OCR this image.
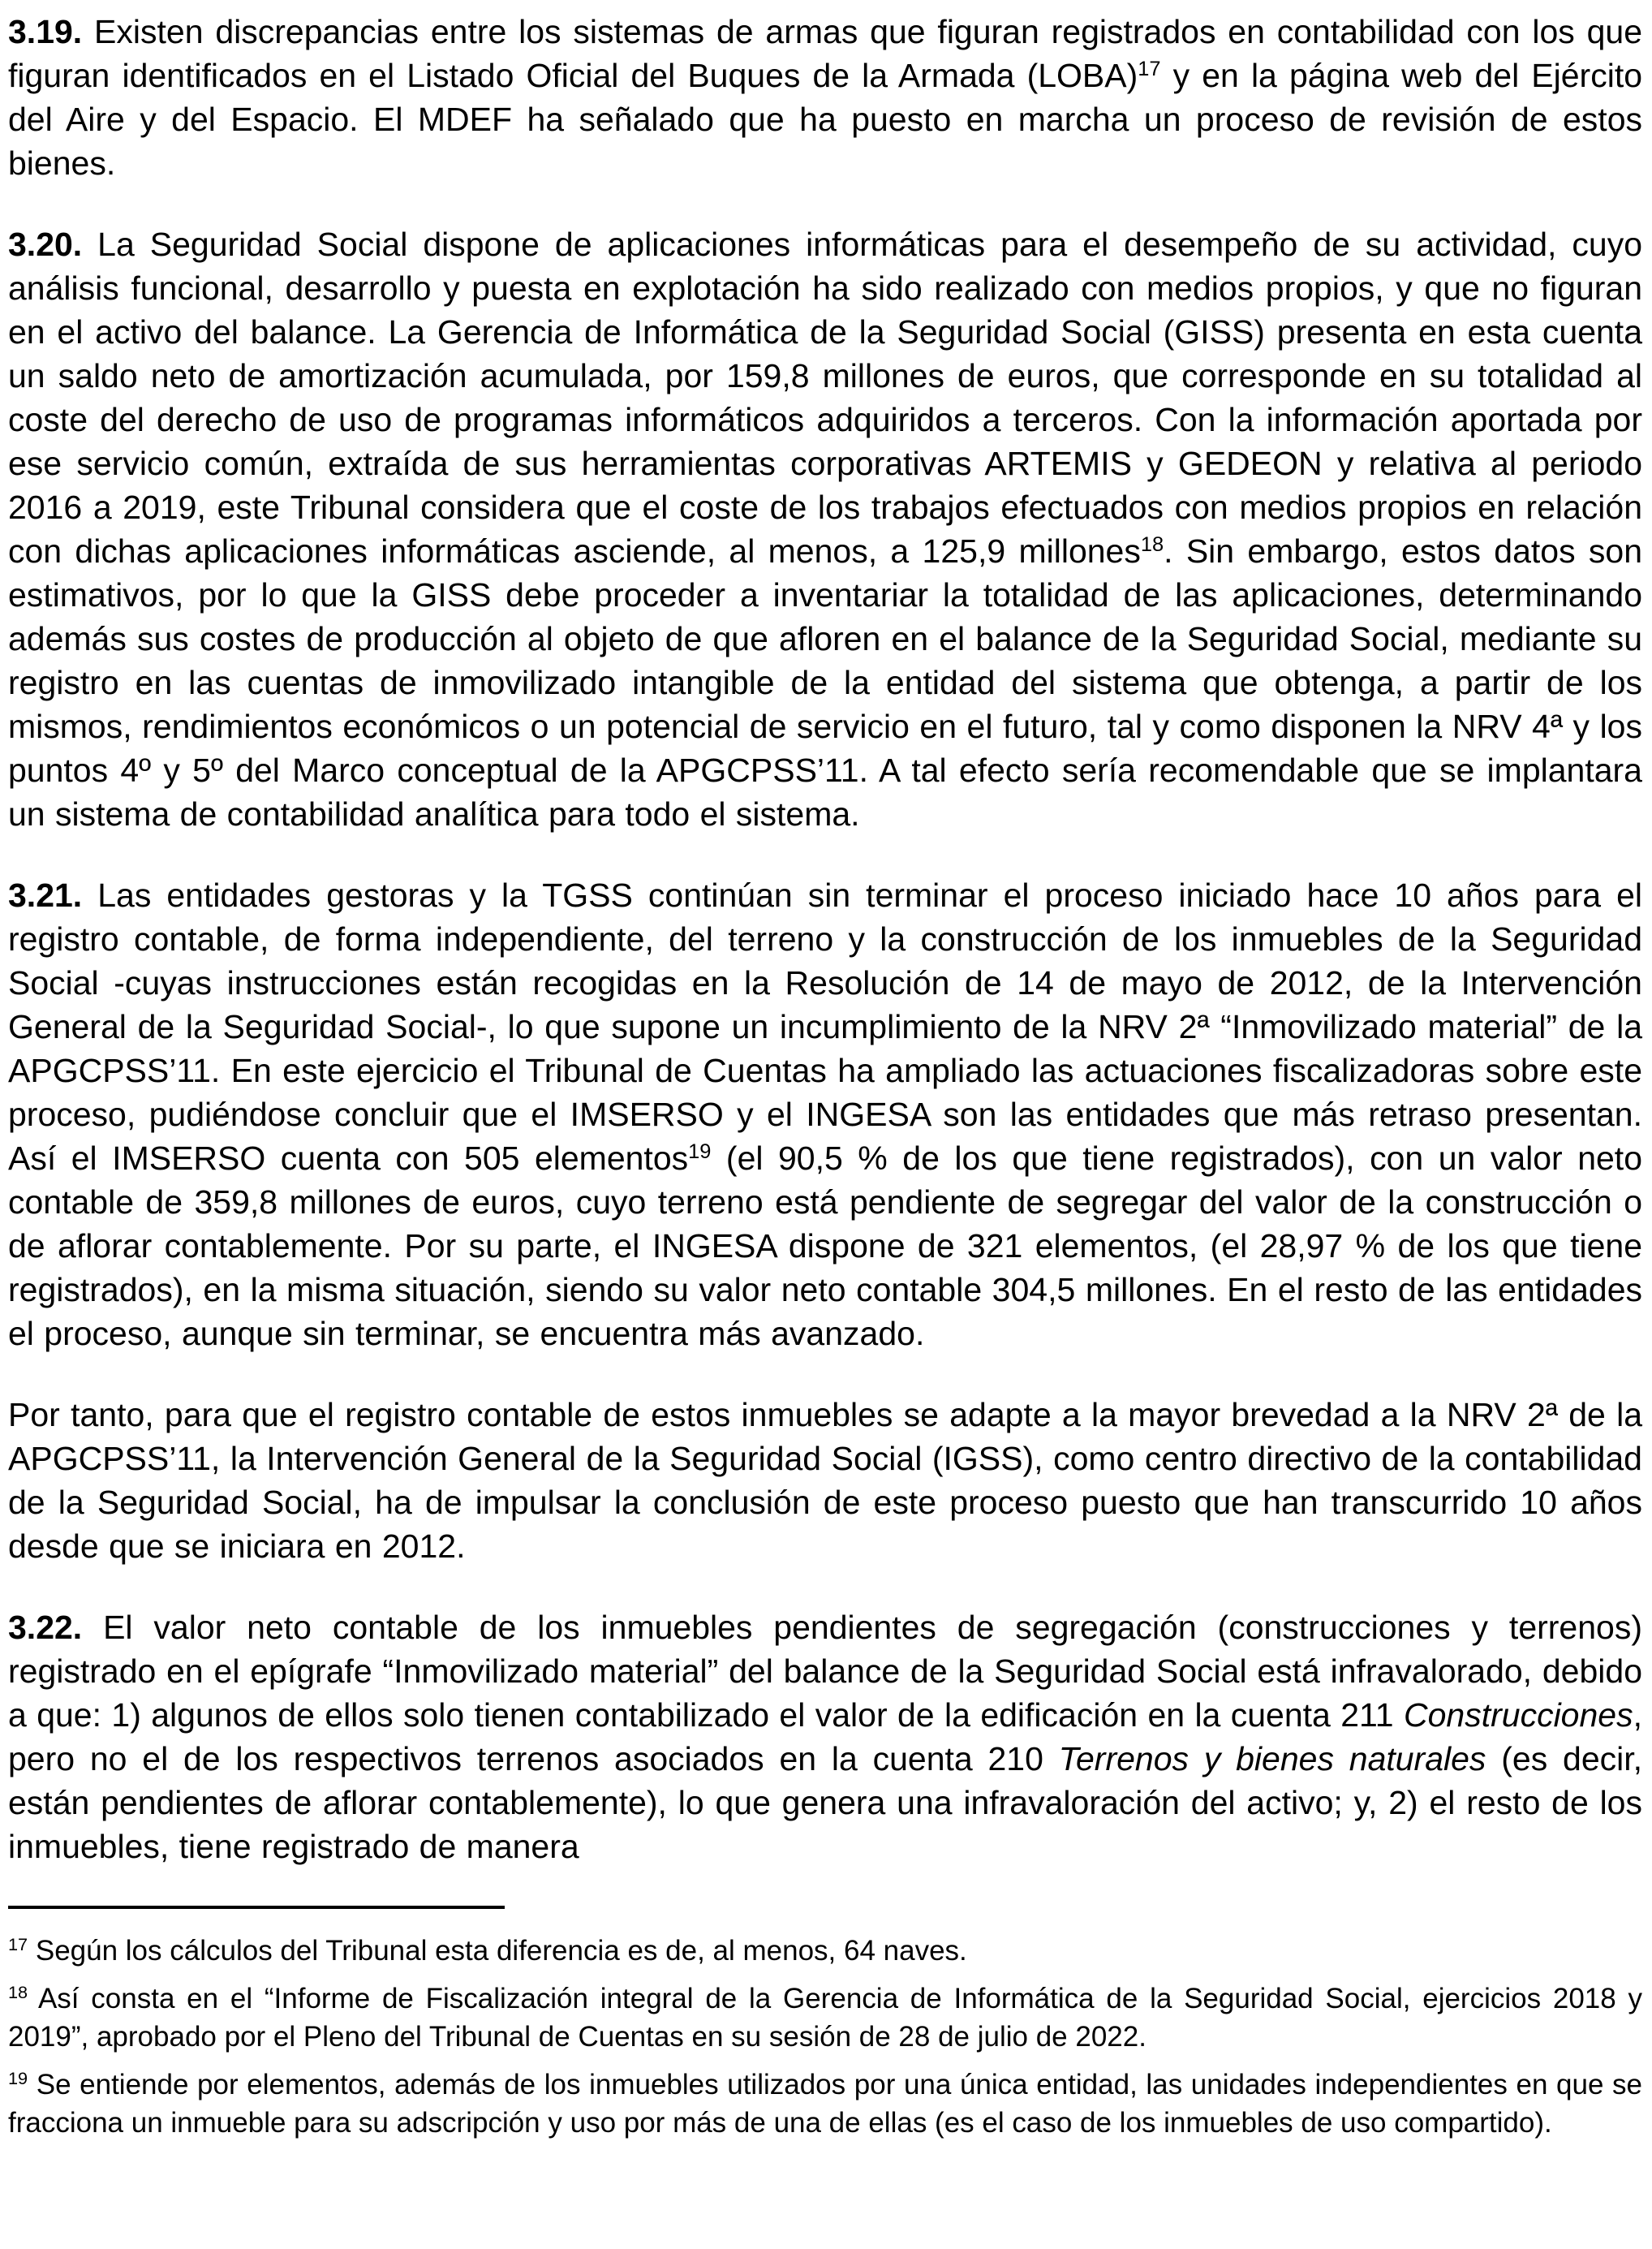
3.19. Existen discrepancias entre los sistemas de armas que figuran registrados en contabilidad con los que figuran identificados en el Listado Oficial del Buques de la Armada (LOBA)$^{17}$ y en la página web del Ejército del Aire y del Espacio. El MDEF ha señalado que ha puesto en marcha un proceso de revisión de estos bienes.

3.20. La Seguridad Social dispone de aplicaciones informáticas para el desempeño de su actividad, cuyo análisis funcional, desarrollo y puesta en explotación ha sido realizado con medios propios, y que no figuran en el activo del balance. La Gerencia de Informática de la Seguridad Social (GISS) presenta en esta cuenta un saldo neto de amortización acumulada, por 159,8 millones de euros, que corresponde en su totalidad al coste del derecho de uso de programas informáticos adquiridos a terceros. Con la información aportada por ese servicio común, extraída de sus herramientas corporativas ARTEMIS y GEDEON y relativa al periodo 2016 a 2019, este Tribunal considera que el coste de los trabajos efectuados con medios propios en relación con dichas aplicaciones informáticas asciende, al menos, a 125,9 millones$^{18}$. Sin embargo, estos datos son estimativos, por lo que la GISS debe proceder a inventariar la totalidad de las aplicaciones, determinando además sus costes de producción al objeto de que afloren en el balance de la Seguridad Social, mediante su registro en las cuentas de inmovilizado intangible de la entidad del sistema que obtenga, a partir de los mismos, rendimientos económicos o un potencial de servicio en el futuro, tal y como disponen la NRV 4ª y los puntos 4º y 5º del Marco conceptual de la APGCPSS’11. A tal efecto sería recomendable que se implantara un sistema de contabilidad analítica para todo el sistema.

3.21. Las entidades gestoras y la TGSS continúan sin terminar el proceso iniciado hace 10 años para el registro contable, de forma independiente, del terreno y la construcción de los inmuebles de la Seguridad Social -cuyas instrucciones están recogidas en la Resolución de 14 de mayo de 2012, de la Intervención General de la Seguridad Social-, lo que supone un incumplimiento de la NRV 2ª “Inmovilizado material” de la APGCPSS’11. En este ejercicio el Tribunal de Cuentas ha ampliado las actuaciones fiscalizadoras sobre este proceso, pudiéndose concluir que el IMSERSO y el INGESA son las entidades que más retraso presentan. Así el IMSERSO cuenta con 505 elementos$^{19}$ (el 90,5 % de los que tiene registrados), con un valor neto contable de 359,8 millones de euros, cuyo terreno está pendiente de segregar del valor de la construcción o de aflorar contablemente. Por su parte, el INGESA dispone de 321 elementos, (el 28,97 % de los que tiene registrados), en la misma situación, siendo su valor neto contable 304,5 millones. En el resto de las entidades el proceso, aunque sin terminar, se encuentra más avanzado.

Por tanto, para que el registro contable de estos inmuebles se adapte a la mayor brevedad a la NRV 2ª de la APGCPSS’11, la Intervención General de la Seguridad Social (IGSS), como centro directivo de la contabilidad de la Seguridad Social, ha de impulsar la conclusión de este proceso puesto que han transcurrido 10 años desde que se iniciara en 2012.

3.22. El valor neto contable de los inmuebles pendientes de segregación (construcciones y terrenos) registrado en el epígrafe “Inmovilizado material” del balance de la Seguridad Social está infravalorado, debido a que: 1) algunos de ellos solo tienen contabilizado el valor de la edificación en la cuenta 211 Construcciones, pero no el de los respectivos terrenos asociados en la cuenta 210 Terrenos y bienes naturales (es decir, están pendientes de aflorar contablemente), lo que genera una infravaloración del activo; y, 2) el resto de los inmuebles, tiene registrado de manera

$^{17}$ Según los cálculos del Tribunal esta diferencia es de, al menos, 64 naves.

$^{18}$ Así consta en el “Informe de Fiscalización integral de la Gerencia de Informática de la Seguridad Social, ejercicios 2018 y 2019”, aprobado por el Pleno del Tribunal de Cuentas en su sesión de 28 de julio de 2022.

$^{19}$ Se entiende por elementos, además de los inmuebles utilizados por una única entidad, las unidades independientes en que se fracciona un inmueble para su adscripción y uso por más de una de ellas (es el caso de los inmuebles de uso compartido).
